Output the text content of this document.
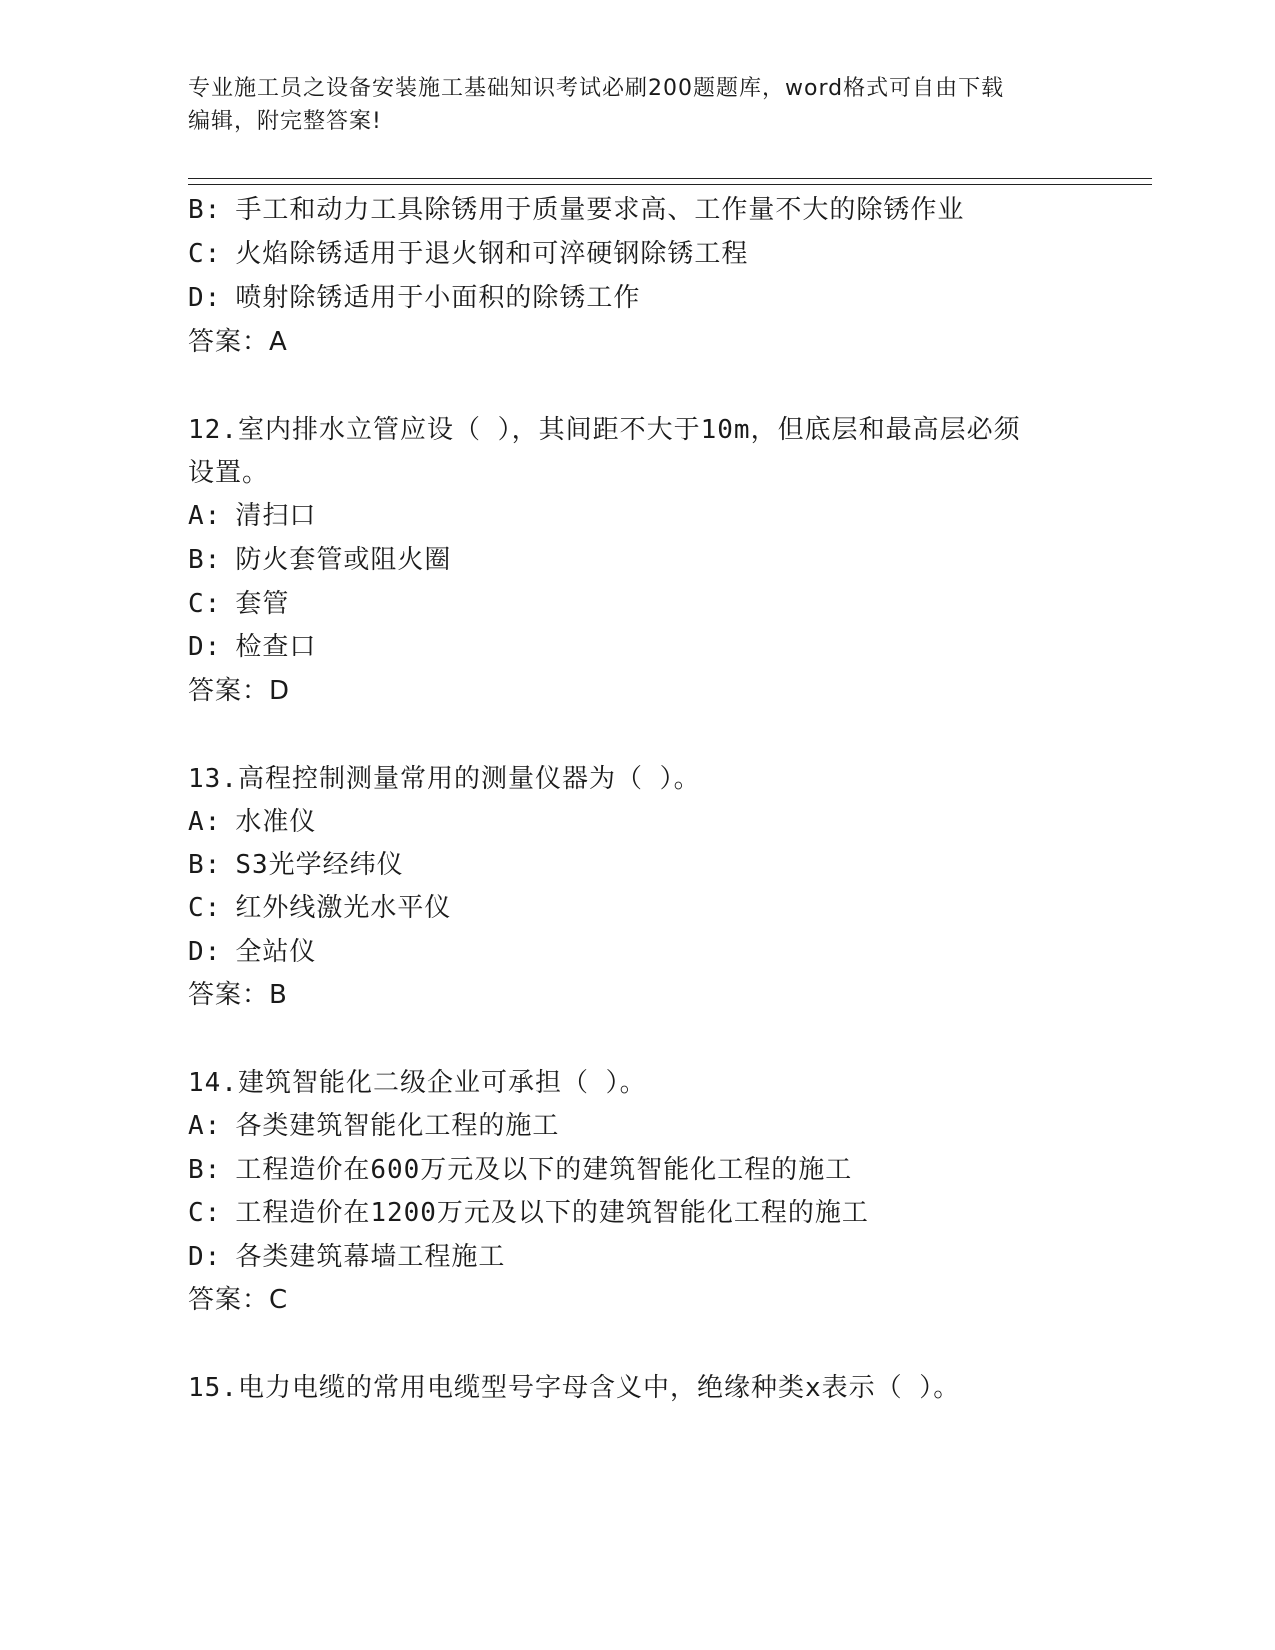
专业施工员之设备安装施工基础知识考试必刷200题题库，word格式可自由下载
编辑，附完整答案!
B: 手工和动力工具除锈用于质量要求高、工作量不大的除锈作业
C: 火焰除锈适用于退火钢和可淬硬钢除锈工程
D: 喷射除锈适用于小面积的除锈工作
答案：A
12.室内排水立管应设（ ），其间距不大于10m，但底层和最高层必须
设置。
A: 清扫口
B: 防火套管或阻火圈
C: 套管
D: 检查口
答案：D
13.高程控制测量常用的测量仪器为（ ）。
A: 水准仪
B: S3光学经纬仪
C: 红外线激光水平仪
D: 全站仪
答案：B
14.建筑智能化二级企业可承担（ ）。
A: 各类建筑智能化工程的施工
B: 工程造价在600万元及以下的建筑智能化工程的施工
C: 工程造价在1200万元及以下的建筑智能化工程的施工
D: 各类建筑幕墙工程施工
答案：C
15.电力电缆的常用电缆型号字母含义中，绝缘种类x表示（ ）。
